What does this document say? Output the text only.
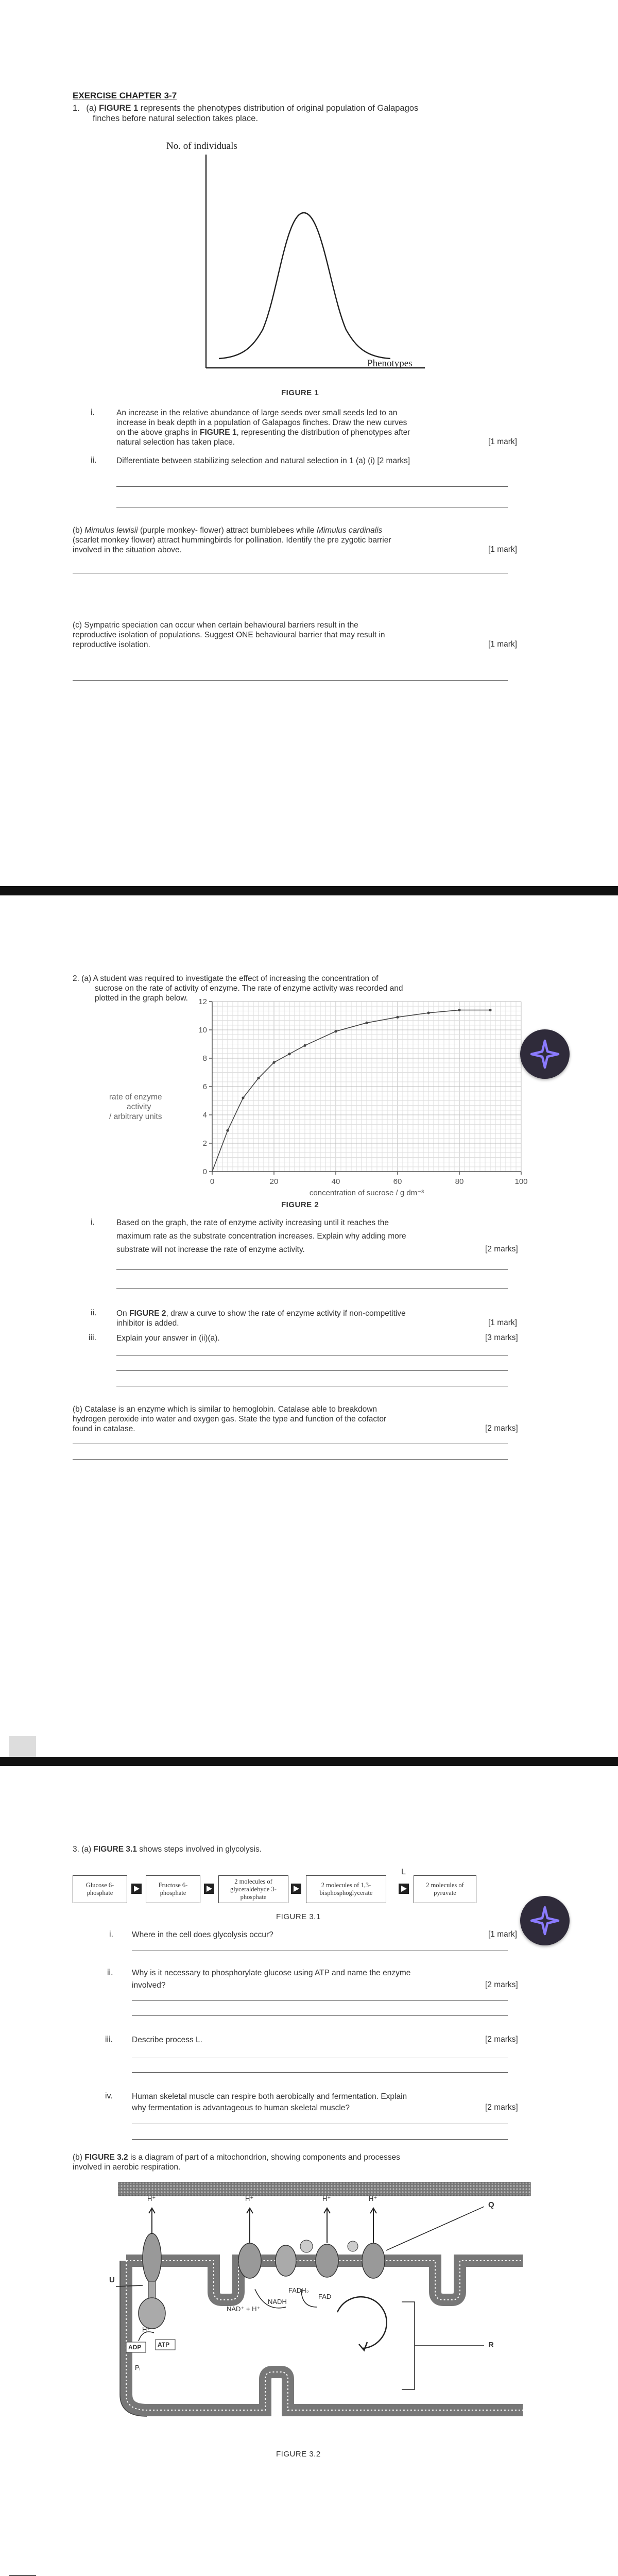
EXERCISE CHAPTER 3-7
1. (a) FIGURE 1 represents the phenotypes distribution of original population of Galapagos
finches before natural selection takes place.
No. of individuals
Phenotypes
FIGURE 1
i.	An increase in the relative abundance of large seeds over small seeds led to an
increase in beak depth in a population of Galapagos finches. Draw the new curves
on the above graphs in FIGURE 1, representing the distribution of phenotypes after
natural selection has taken place.	[1 mark]
ii. Differentiate between stabilizing selection and natural selection in 1 (a) (i) [2 marks]
(b) Mimulus lewisii (purple monkey- flower) attract bumblebees while Mimulus cardinalis
(scarlet monkey flower) attract hummingbirds for pollination. Identify the pre zygotic barrier
involved in the situation above.	[1 mark]
(c) Sympatric speciation can occur when certain behavioural barriers result in the
reproductive isolation of populations. Suggest ONE behavioural barrier that may result in
reproductive isolation.	[1 mark]
2. (a) A student was required to investigate the effect of increasing the concentration of
sucrose on the rate of activity of enzyme. The rate of enzyme activity was recorded and
plotted in the graph below.
rate of enzyme
activity
/ arbitrary units
0
2
4
6
8
10
12
0	20	40	60	80	100
concentration of sucrose / g dm⁻³
FIGURE 2
i.	Based on the graph, the rate of enzyme activity increasing until it reaches the
maximum rate as the substrate concentration increases. Explain why adding more
substrate will not increase the rate of enzyme activity.	[2 marks]
ii. On FIGURE 2, draw a curve to show the rate of enzyme activity if non-competitive
inhibitor is added.	[1 mark]
iii.	Explain your answer in (ii)(a).	[3 marks]
(b) Catalase is an enzyme which is similar to hemoglobin. Catalase able to breakdown
hydrogen peroxide into water and oxygen gas. State the type and function of the cofactor
found in catalase.	[2 marks]
3. (a) FIGURE 3.1 shows steps involved in glycolysis.
Glucose 6-phosphate
Fructose 6-phosphate
2 molecules of glyceraldehyde 3-phosphate
2 molecules of 1,3-bisphosphoglycerate
L
2 molecules of pyruvate
FIGURE 3.1
i. Where in the cell does glycolysis occur?	[1 mark]
ii. Why is it necessary to phosphorylate glucose using ATP and name the enzyme
involved?	[2 marks]
iii. Describe process L.	[2 marks]
iv. Human skeletal muscle can respire both aerobically and fermentation. Explain
why fermentation is advantageous to human skeletal muscle?	[2 marks]
(b) FIGURE 3.2 is a diagram of part of a mitochondrion, showing components and processes
involved in aerobic respiration.
U
Q
R
H⁺	H⁺	H⁺	H⁺
FADH₂
FAD
NADH
NAD⁺ + H⁺
ADP	ATP
Pᵢ
H⁺
FIGURE 3.2
